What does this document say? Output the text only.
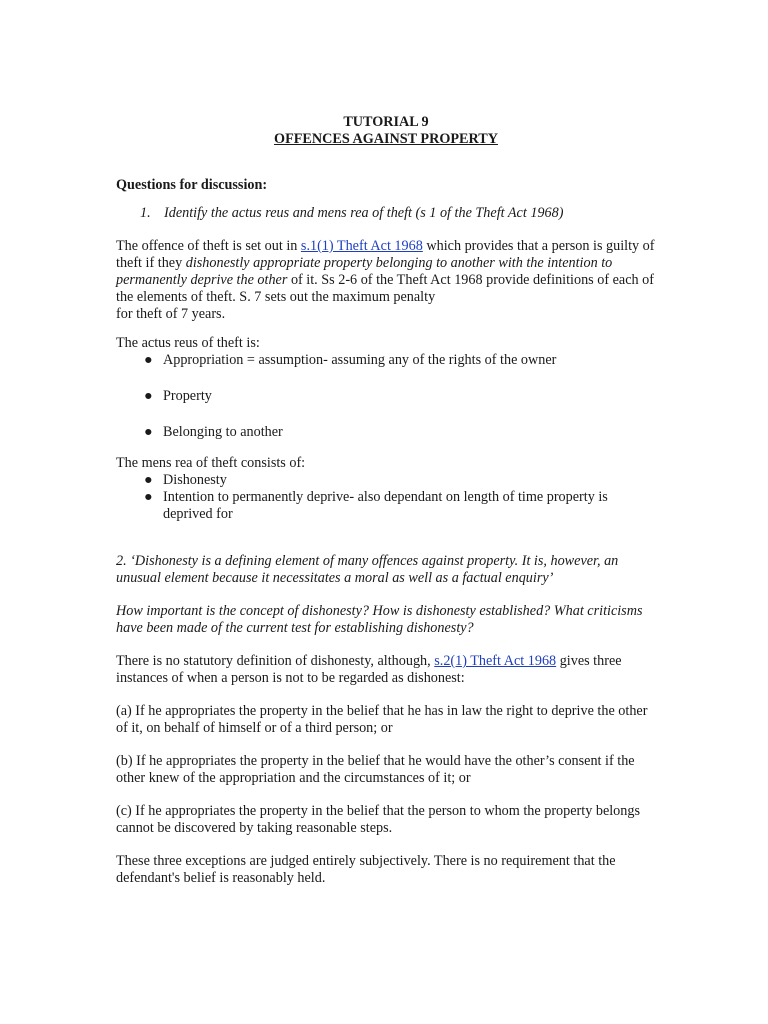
TUTORIAL 9

OFFENCES AGAINST PROPERTY

Questions for discussion:

1. Identify the actus reus and mens rea of theft (s 1 of the Theft Act 1968)

The offence of theft is set out in s.1(1) Theft Act 1968 which provides that a person is guilty of theft if they dishonestly appropriate property belonging to another with the intention to permanently deprive the other of it. Ss 2-6 of the Theft Act 1968 provide definitions of each of the elements of theft. S. 7 sets out the maximum penalty
for theft of 7 years.

The actus reus of theft is:

● Appropriation = assumption- assuming any of the rights of the owner
● Property
● Belonging to another

The mens rea of theft consists of:

● Dishonesty
● Intention to permanently deprive- also dependant on length of time property is deprived for

2. ‘Dishonesty is a defining element of many offences against property. It is, however, an unusual element because it necessitates a moral as well as a factual enquiry’

How important is the concept of dishonesty? How is dishonesty established? What criticisms have been made of the current test for establishing dishonesty?

There is no statutory definition of dishonesty, although, s.2(1) Theft Act 1968 gives three instances of when a person is not to be regarded as dishonest:

(a) If he appropriates the property in the belief that he has in law the right to deprive the other of it, on behalf of himself or of a third person; or

(b) If he appropriates the property in the belief that he would have the other’s consent if the other knew of the appropriation and the circumstances of it; or

(c) If he appropriates the property in the belief that the person to whom the property belongs cannot be discovered by taking reasonable steps.

These three exceptions are judged entirely subjectively. There is no requirement that the defendant's belief is reasonably held.
